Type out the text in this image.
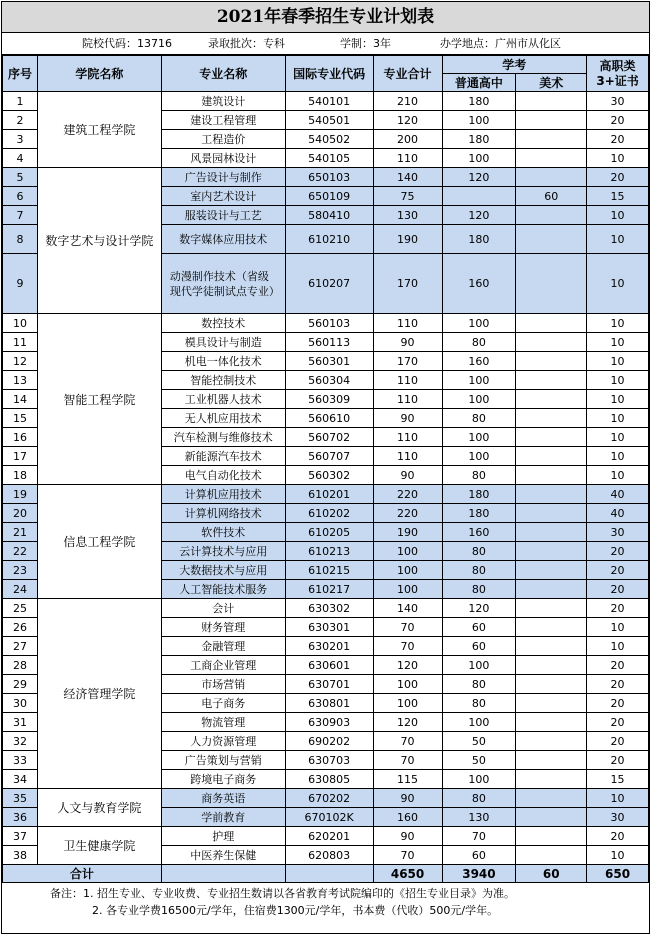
2021年春季招生专业计划表
院校代码：13716	录取批次：专科	学制：3年	办学地点：广州市从化区
序号	学院名称	专业名称	国际专业代码	专业合计	学考		高职类3+证书
					普通高中	美术	
1	建筑工程学院	建筑设计	540101	210	180		30
2		建设工程管理	540501	120	100		20
3		工程造价	540502	200	180		20
4		风景园林设计	540105	110	100		10
5	数字艺术与设计学院	广告设计与制作	650103	140	120		20
6		室内艺术设计	650109	75		60	15
7		服装设计与工艺	580410	130	120		10
8		数字媒体应用技术	610210	190	180		10
9		动漫制作技术（省级现代学徒制试点专业）	610207	170	160		10
10	智能工程学院	数控技术	560103	110	100		10
11		模具设计与制造	560113	90	80		10
12		机电一体化技术	560301	170	160		10
13		智能控制技术	560304	110	100		10
14		工业机器人技术	560309	110	100		10
15		无人机应用技术	560610	90	80		10
16		汽车检测与维修技术	560702	110	100		10
17		新能源汽车技术	560707	110	100		10
18		电气自动化技术	560302	90	80		10
19	信息工程学院	计算机应用技术	610201	220	180		40
20		计算机网络技术	610202	220	180		40
21		软件技术	610205	190	160		30
22		云计算技术与应用	610213	100	80		20
23		大数据技术与应用	610215	100	80		20
24		人工智能技术服务	610217	100	80		20
25	经济管理学院	会计	630302	140	120		20
26		财务管理	630301	70	60		10
27		金融管理	630201	70	60		10
28		工商企业管理	630601	120	100		20
29		市场营销	630701	100	80		20
30		电子商务	630801	100	80		20
31		物流管理	630903	120	100		20
32		人力资源管理	690202	70	50		20
33		广告策划与营销	630703	70	50		20
34		跨境电子商务	630805	115	100		15
35	人文与教育学院	商务英语	670202	90	80		10
36		学前教育	670102K	160	130		30
37	卫生健康学院	护理	620201	90	70		20
38		中医养生保健	620803	70	60		10
合计				4650	3940	60	650
备注：1. 招生专业、专业收费、专业招生数请以各省教育考试院编印的《招生专业目录》为准。
2. 各专业学费16500元/学年，住宿费1300元/学年，书本费（代收）500元/学年。
